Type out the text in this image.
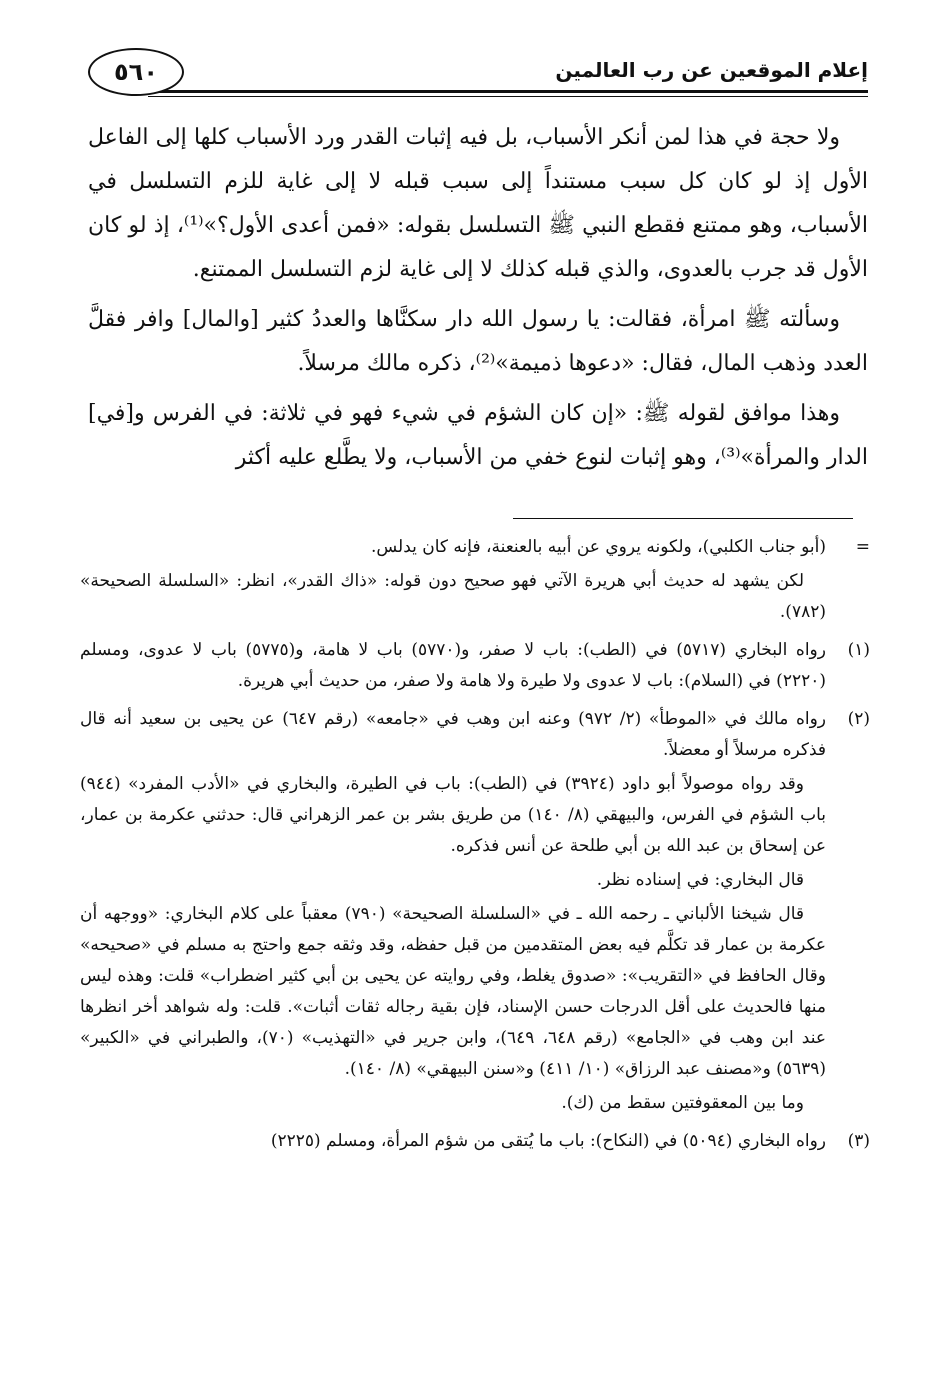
إعلام الموقعين عن رب العالمين
٥٦٠

ولا حجة في هذا لمن أنكر الأسباب، بل فيه إثبات القدر ورد الأسباب كلها إلى الفاعل الأول إذ لو كان كل سبب مستنداً إلى سبب قبله لا إلى غاية للزم التسلسل في الأسباب، وهو ممتنع فقطع النبي ﷺ التسلسل بقوله: «فمن أعدى الأول؟»⁽¹⁾، إذ لو كان الأول قد جرب بالعدوى، والذي قبله كذلك لا إلى غاية لزم التسلسل الممتنع.

وسألته ﷺ امرأة، فقالت: يا رسول الله دار سكنَّاها والعددُ كثير [والمال] وافر فقلَّ العدد وذهب المال، فقال: «دعوها ذميمة»⁽²⁾، ذكره مالك مرسلاً.

وهذا موافق لقوله ﷺ: «إن كان الشؤم في شيء فهو في ثلاثة: في الفرس و[في] الدار والمرأة»⁽³⁾، وهو إثبات لنوع خفي من الأسباب، ولا يطَّلع عليه أكثر

=

(أبو جناب الكلبي)، ولكونه يروي عن أبيه بالعنعنة، فإنه كان يدلس.

لكن يشهد له حديث أبي هريرة الآتي فهو صحيح دون قوله: «ذاك القدر»، انظر: «السلسلة الصحيحة» (٧٨٢).

(١)

رواه البخاري (٥٧١٧) في (الطب): باب لا صفر، و(٥٧٧٠) باب لا هامة، و(٥٧٧٥) باب لا عدوى، ومسلم (٢٢٢٠) في (السلام): باب لا عدوى ولا طيرة ولا هامة ولا صفر، من حديث أبي هريرة.

(٢)

رواه مالك في «الموطأ» (٢/ ٩٧٢) وعنه ابن وهب في «جامعه» (رقم ٦٤٧) عن يحيى بن سعيد أنه قال فذكره مرسلاً أو معضلاً.

وقد رواه موصولاً أبو داود (٣٩٢٤) في (الطب): باب في الطيرة، والبخاري في «الأدب المفرد» (٩٤٤) باب الشؤم في الفرس، والبيهقي (٨/ ١٤٠) من طريق بشر بن عمر الزهراني قال: حدثني عكرمة بن عمار، عن إسحاق بن عبد الله بن أبي طلحة عن أنس فذكره.

قال البخاري: في إسناده نظر.

قال شيخنا الألباني ـ رحمه الله ـ في «السلسلة الصحيحة» (٧٩٠) معقباً على كلام البخاري: «ووجهه أن عكرمة بن عمار قد تكلَّم فيه بعض المتقدمين من قبل حفظه، وقد وثقه جمع واحتج به مسلم في «صحيحه» وقال الحافظ في «التقريب»: «صدوق يغلط، وفي روايته عن يحيى بن أبي كثير اضطراب» قلت: وهذه ليس منها فالحديث على أقل الدرجات حسن الإسناد، فإن بقية رجاله ثقات أثبات». قلت: وله شواهد أخر انظرها عند ابن وهب في «الجامع» (رقم ٦٤٨، ٦٤٩)، وابن جرير في «التهذيب» (٧٠)، والطبراني في «الكبير» (٥٦٣٩) و«مصنف عبد الرزاق» (١٠/ ٤١١) و«سنن البيهقي» (٨/ ١٤٠).

وما بين المعقوفتين سقط من (ك).

(٣)

رواه البخاري (٥٠٩٤) في (النكاح): باب ما يُتقى من شؤم المرأة، ومسلم (٢٢٢٥)
